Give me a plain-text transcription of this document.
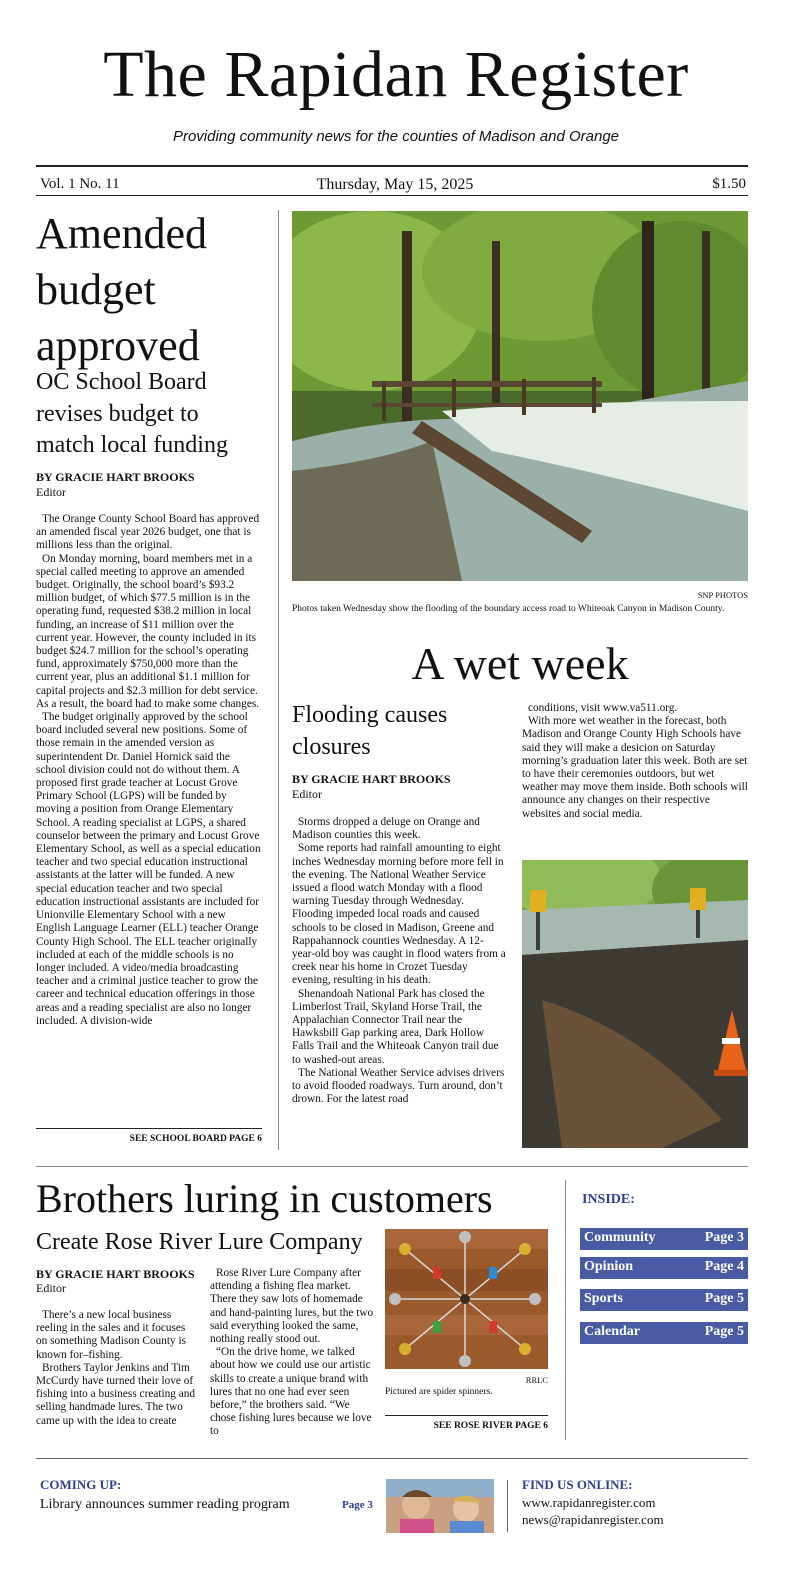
The Rapidan Register
Providing community news for the counties of Madison and Orange
Vol. 1 No. 11	Thursday, May 15, 2025	$1.50
Amended budget approved
OC School Board revises budget to match local funding
BY GRACIE HART BROOKS
Editor

The Orange County School Board has approved an amended fiscal year 2026 budget, one that is millions less than the original.

On Monday morning, board members met in a special called meeting to approve an amended budget. Originally, the school board’s $93.2 million budget, of which $77.5 million is in the operating fund, requested $38.2 million in local funding, an increase of $11 million over the current year. However, the county included in its budget $24.7 million for the school’s operating fund, approximately $750,000 more than the current year, plus an additional $1.1 million for capital projects and $2.3 million for debt service. As a result, the board had to make some changes.

The budget originally approved by the school board included several new positions. Some of those remain in the amended version as superintendent Dr. Daniel Hornick said the school division could not do without them. A proposed first grade teacher at Locust Grove Primary School (LGPS) will be funded by moving a position from Orange Elementary School. A reading specialist at LGPS, a shared counselor between the primary and Locust Grove Elementary School, as well as a special education teacher and two special education instructional assistants at the latter will be funded. A new special education teacher and two special education instructional assistants are included for Unionville Elementary School with a new English Language Learner (ELL) teacher Orange County High School. The ELL teacher originally included at each of the middle schools is no longer included. A video/media broadcasting teacher and a criminal justice teacher to grow the career and technical education offerings in those areas and a reading specialist are also no longer included. A division-wide

SEE SCHOOL BOARD PAGE 6
SNP PHOTOS
Photos taken Wednesday show the flooding of the boundary access road to Whiteoak Canyon in Madison County.
A wet week
Flooding causes closures
BY GRACIE HART BROOKS
Editor

Storms dropped a deluge on Orange and Madison counties this week.

Some reports had rainfall amounting to eight inches Wednesday morning before more fell in the evening. The National Weather Service issued a flood watch Monday with a flood warning Tuesday through Wednesday. Flooding impeded local roads and caused schools to be closed in Madison, Greene and Rappahannock counties Wednesday. A 12-year-old boy was caught in flood waters from a creek near his home in Crozet Tuesday evening, resulting in his death.

Shenandoah National Park has closed the Limberlost Trail, Skyland Horse Trail, the Appalachian Connector Trail near the Hawksbill Gap parking area, Dark Hollow Falls Trail and the Whiteoak Canyon trail due to washed-out areas.

The National Weather Service advises drivers to avoid flooded roadways. Turn around, don’t drown. For the latest road

conditions, visit www.va511.org.

With more wet weather in the forecast, both Madison and Orange County High Schools have said they will make a desicion on Saturday morning’s graduation later this week. Both are set to have their ceremonies outdoors, but wet weather may move them inside. Both schools will announce any changes on their respective websites and social media.

Brothers luring in customers
Create Rose River Lure Company
BY GRACIE HART BROOKS
Editor

There’s a new local business reeling in the sales and it focuses on something Madison County is known for–fishing.

Brothers Taylor Jenkins and Tim McCurdy have turned their love of fishing into a business creating and selling handmade lures. The two came up with the idea to create

Rose River Lure Company after attending a fishing flea market. There they saw lots of homemade and hand-painting lures, but the two said everything looked the same, nothing really stood out.

“On the drive home, we talked about how we could use our artistic skills to create a unique brand with lures that no one had ever seen before,” the brothers said. “We chose fishing lures because we love to

RRLC
Pictured are spider spinners.
SEE ROSE RIVER PAGE 6
INSIDE:
Community	Page 3
Opinion	Page 4
Sports	Page 5
Calendar	Page 5
COMING UP:
Library announces summer reading program	Page 3
FIND US ONLINE:
www.rapidanregister.com
news@rapidanregister.com
